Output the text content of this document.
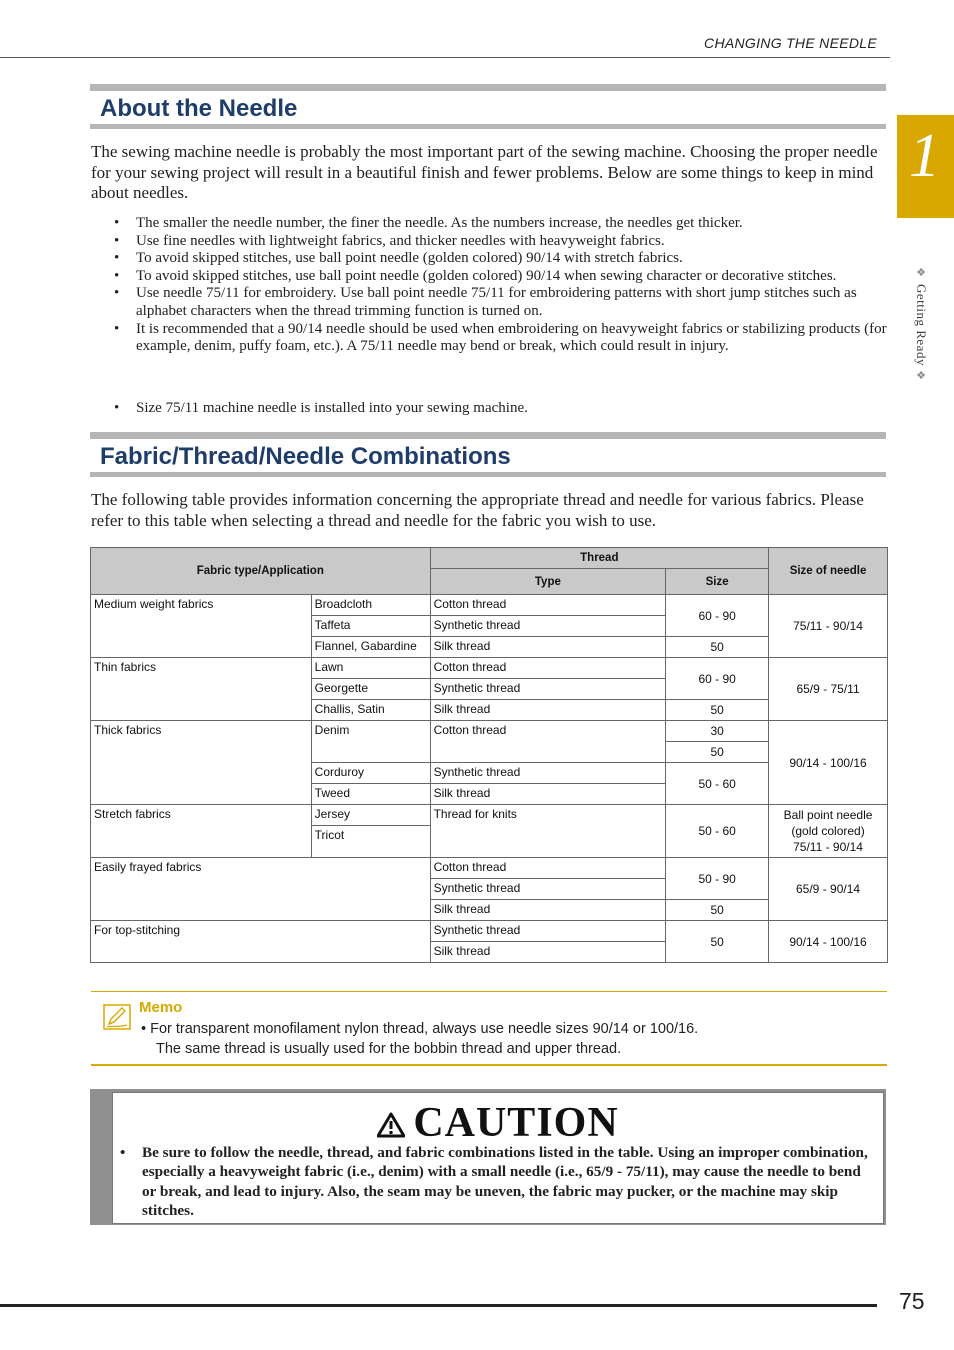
CHANGING THE NEEDLE
1
❖
Getting Ready
❖
About the Needle

The sewing machine needle is probably the most important part of the sewing machine. Choosing the proper needle for your sewing project will result in a beautiful finish and fewer problems. Below are some things to keep in mind about needles.

• The smaller the needle number, the finer the needle. As the numbers increase, the needles get thicker.
• Use fine needles with lightweight fabrics, and thicker needles with heavyweight fabrics.
• To avoid skipped stitches, use ball point needle (golden colored) 90/14 with stretch fabrics.
• To avoid skipped stitches, use ball point needle (golden colored) 90/14 when sewing character or decorative stitches.
• Use needle 75/11 for embroidery. Use ball point needle 75/11 for embroidering patterns with short jump stitches such as alphabet characters when the thread trimming function is turned on.
• It is recommended that a 90/14 needle should be used when embroidering on heavyweight fabrics or stabilizing products (for example, denim, puffy foam, etc.). A 75/11 needle may bend or break, which could result in injury.
• Size 75/11 machine needle is installed into your sewing machine.
Fabric/Thread/Needle Combinations

The following table provides information concerning the appropriate thread and needle for various fabrics. Please refer to this table when selecting a thread and needle for the fabric you wish to use.

Fabric type/Application		Thread		Size of needle
		Type	Size	
Medium weight fabrics	Broadcloth	Cotton thread	60 - 90	75/11 - 90/14
	Taffeta	Synthetic thread		
	Flannel, Gabardine	Silk thread	50	
Thin fabrics	Lawn	Cotton thread	60 - 90	65/9 - 75/11
	Georgette	Synthetic thread		
	Challis, Satin	Silk thread	50	
Thick fabrics	Denim	Cotton thread	30	90/14 - 100/16
			50	
	Corduroy	Synthetic thread	50 - 60	
	Tweed	Silk thread		
Stretch fabrics	Jersey	Thread for knits	50 - 60	Ball point needle
(gold colored)
75/11 - 90/14

	Tricot			
Easily frayed fabrics		Cotton thread	50 - 90	65/9 - 90/14
		Synthetic thread		
		Silk thread	50	
For top-stitching		Synthetic thread	50	90/14 - 100/16
		Silk thread		
Memo
• For transparent monofilament nylon thread, always use needle sizes 90/14 or 100/16.
The same thread is usually used for the bobbin thread and upper thread.
CAUTION
•	Be sure to follow the needle, thread, and fabric combinations listed in the table. Using an improper combination, especially a heavyweight fabric (i.e., denim) with a small needle (i.e., 65/9 - 75/11), may cause the needle to bend or break, and lead to injury. Also, the seam may be uneven, the fabric may pucker, or the machine may skip stitches.

75
